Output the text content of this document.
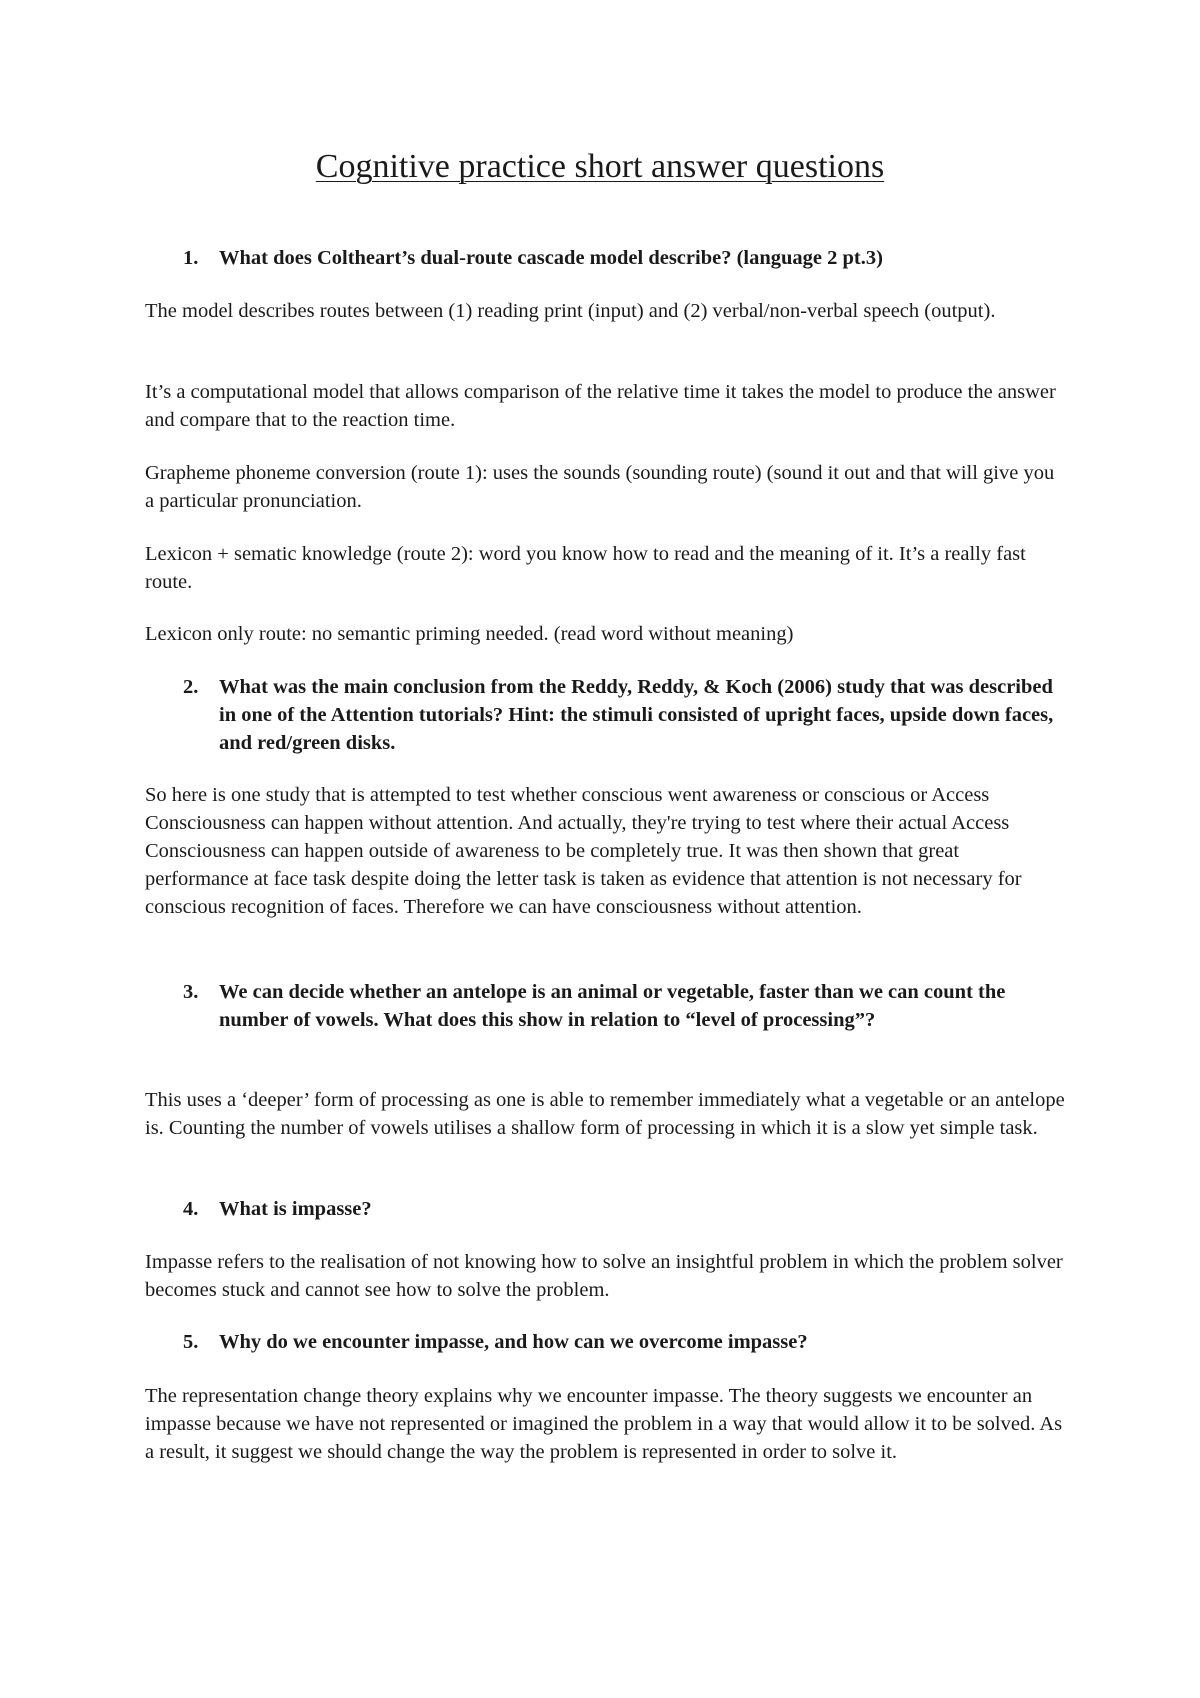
Cognitive practice short answer questions

1. What does Coltheart’s dual-route cascade model describe? (language 2 pt.3)

The model describes routes between (1) reading print (input) and (2) verbal/non-verbal speech (output).

It’s a computational model that allows comparison of the relative time it takes the model to produce the answer and compare that to the reaction time.

Grapheme phoneme conversion (route 1): uses the sounds (sounding route) (sound it out and that will give you a particular pronunciation.

Lexicon + sematic knowledge (route 2): word you know how to read and the meaning of it. It’s a really fast route.

Lexicon only route: no semantic priming needed. (read word without meaning)

2. What was the main conclusion from the Reddy, Reddy, & Koch (2006) study that was described in one of the Attention tutorials? Hint: the stimuli consisted of upright faces, upside down faces, and red/green disks.

So here is one study that is attempted to test whether conscious went awareness or conscious or Access Consciousness can happen without attention. And actually, they're trying to test where their actual Access Consciousness can happen outside of awareness to be completely true. It was then shown that great performance at face task despite doing the letter task is taken as evidence that attention is not necessary for conscious recognition of faces. Therefore we can have consciousness without attention.

3. We can decide whether an antelope is an animal or vegetable, faster than we can count the number of vowels. What does this show in relation to “level of processing”?

This uses a ‘deeper’ form of processing as one is able to remember immediately what a vegetable or an antelope is. Counting the number of vowels utilises a shallow form of processing in which it is a slow yet simple task.

4. What is impasse?

Impasse refers to the realisation of not knowing how to solve an insightful problem in which the problem solver becomes stuck and cannot see how to solve the problem.

5. Why do we encounter impasse, and how can we overcome impasse?

The representation change theory explains why we encounter impasse. The theory suggests we encounter an impasse because we have not represented or imagined the problem in a way that would allow it to be solved. As a result, it suggest we should change the way the problem is represented in order to solve it.
